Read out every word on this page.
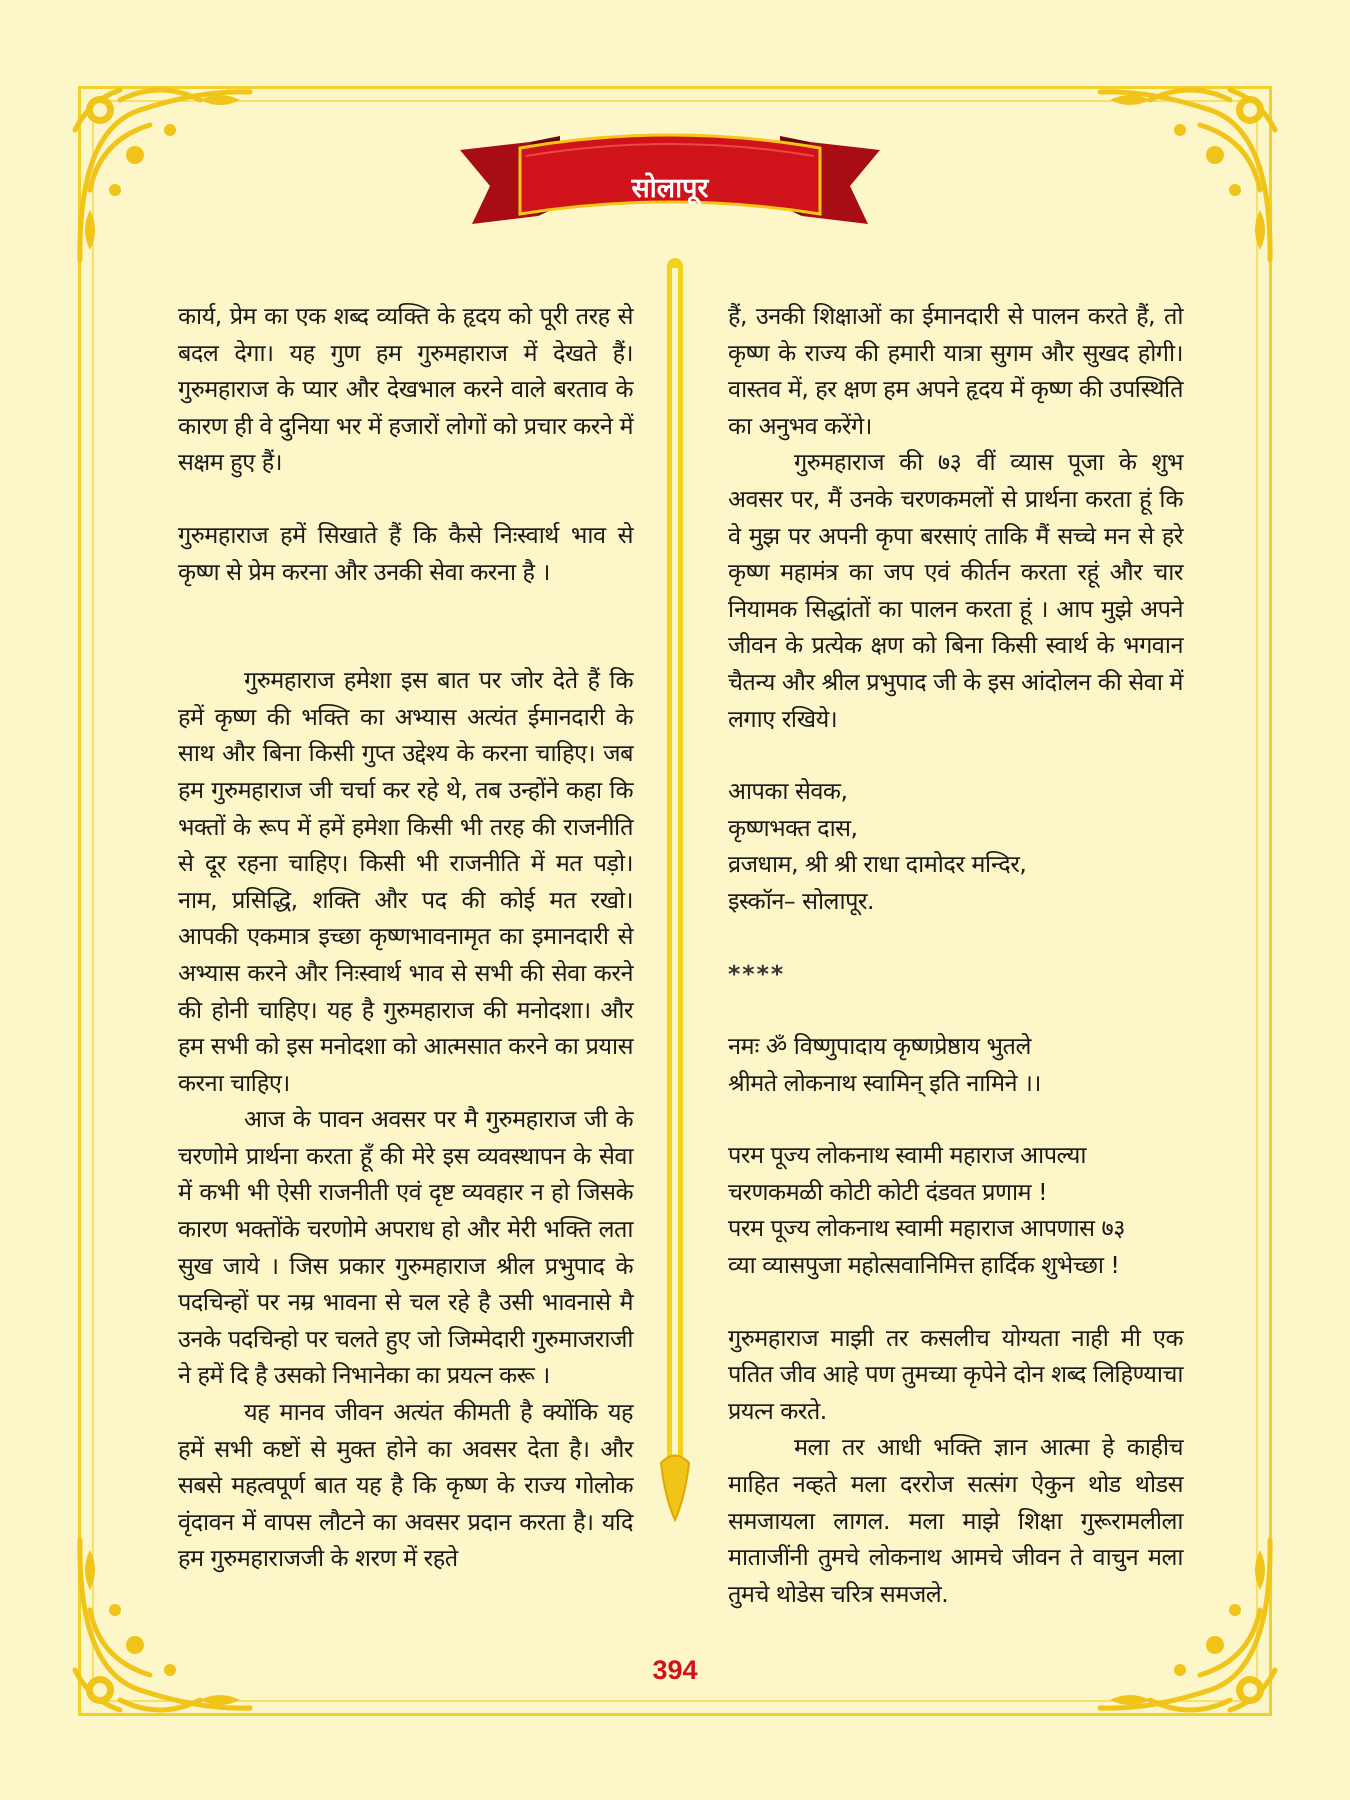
सोलापूर

कार्य, प्रेम का एक शब्द व्यक्ति के हृदय को पूरी तरह से बदल देगा। यह गुण हम गुरुमहाराज में देखते हैं। गुरुमहाराज के प्यार और देखभाल करने वाले बरताव के कारण ही वे दुनिया भर में हजारों लोगों को प्रचार करने में सक्षम हुए हैं।

गुरुमहाराज हमें सिखाते हैं कि कैसे निःस्वार्थ भाव से कृष्ण से प्रेम करना और उनकी सेवा करना है ।

गुरुमहाराज हमेशा इस बात पर जोर देते हैं कि हमें कृष्ण की भक्ति का अभ्यास अत्यंत ईमानदारी के साथ और बिना किसी गुप्त उद्देश्य के करना चाहिए। जब हम गुरुमहाराज जी चर्चा कर रहे थे, तब उन्होंने कहा कि भक्तों के रूप में हमें हमेशा किसी भी तरह की राजनीति से दूर रहना चाहिए। किसी भी राजनीति में मत पड़ो। नाम, प्रसिद्धि, शक्ति और पद की कोई मत रखो। आपकी एकमात्र इच्छा कृष्णभावनामृत का इमानदारी से अभ्यास करने और निःस्वार्थ भाव से सभी की सेवा करने की होनी चाहिए। यह है गुरुमहाराज की मनोदशा। और हम सभी को इस मनोदशा को आत्मसात करने का प्रयास करना चाहिए।

आज के पावन अवसर पर मै गुरुमहाराज जी के चरणोमे प्रार्थना करता हूँ की मेरे इस व्यवस्थापन के सेवा में कभी भी ऐसी राजनीती एवं दृष्ट व्यवहार न हो जिसके कारण भक्तोंके चरणोमे अपराध हो और मेरी भक्ति लता सुख जाये । जिस प्रकार गुरुमहाराज श्रील प्रभुपाद के पदचिन्हों पर नम्र भावना से चल रहे है उसी भावनासे मै उनके पदचिन्हो पर चलते हुए जो जिम्मेदारी गुरुमाजराजी ने हमें दि है उसको निभानेका का प्रयत्न करू ।

यह मानव जीवन अत्यंत कीमती है क्योंकि यह हमें सभी कष्टों से मुक्त होने का अवसर देता है। और सबसे महत्वपूर्ण बात यह है कि कृष्ण के राज्य गोलोक वृंदावन में वापस लौटने का अवसर प्रदान करता है। यदि हम गुरुमहाराजजी के शरण में रहते

हैं, उनकी शिक्षाओं का ईमानदारी से पालन करते हैं, तो कृष्ण के राज्य की हमारी यात्रा सुगम और सुखद होगी। वास्तव में, हर क्षण हम अपने हृदय में कृष्ण की उपस्थिति का अनुभव करेंगे।

गुरुमहाराज की ७३ वीं व्यास पूजा के शुभ अवसर पर, मैं उनके चरणकमलों से प्रार्थना करता हूं कि वे मुझ पर अपनी कृपा बरसाएं ताकि मैं सच्चे मन से हरे कृष्ण महामंत्र का जप एवं कीर्तन करता रहूं और चार नियामक सिद्धांतों का पालन करता हूं । आप मुझे अपने जीवन के प्रत्येक क्षण को बिना किसी स्वार्थ के भगवान चैतन्य और श्रील प्रभुपाद जी के इस आंदोलन की सेवा में लगाए रखिये।

आपका सेवक,

कृष्णभक्त दास,

व्रजधाम, श्री श्री राधा दामोदर मन्दिर,

इस्कॉन– सोलापूर.

****

नमः ॐ विष्णुपादाय कृष्णप्रेष्ठाय भुतले

श्रीमते लोकनाथ स्वामिन् इति नामिने ।।

परम पूज्य लोकनाथ स्वामी महाराज आपल्या

चरणकमळी कोटी कोटी दंडवत प्रणाम !

परम पूज्य लोकनाथ स्वामी महाराज आपणास ७३

व्या व्यासपुजा महोत्सवानिमित्त हार्दिक शुभेच्छा !

गुरुमहाराज माझी तर कसलीच योग्यता नाही मी एक पतित जीव आहे पण तुमच्या कृपेने दोन शब्द लिहिण्याचा प्रयत्न करते.

मला तर आधी भक्ति ज्ञान आत्मा हे काहीच माहित नव्हते मला दररोज सत्संग ऐकुन थोड थोडस समजायला लागल. मला माझे शिक्षा गुरूरामलीला माताजींनी तुमचे लोकनाथ आमचे जीवन ते वाचुन मला तुमचे थोडेस चरित्र समजले.

394
